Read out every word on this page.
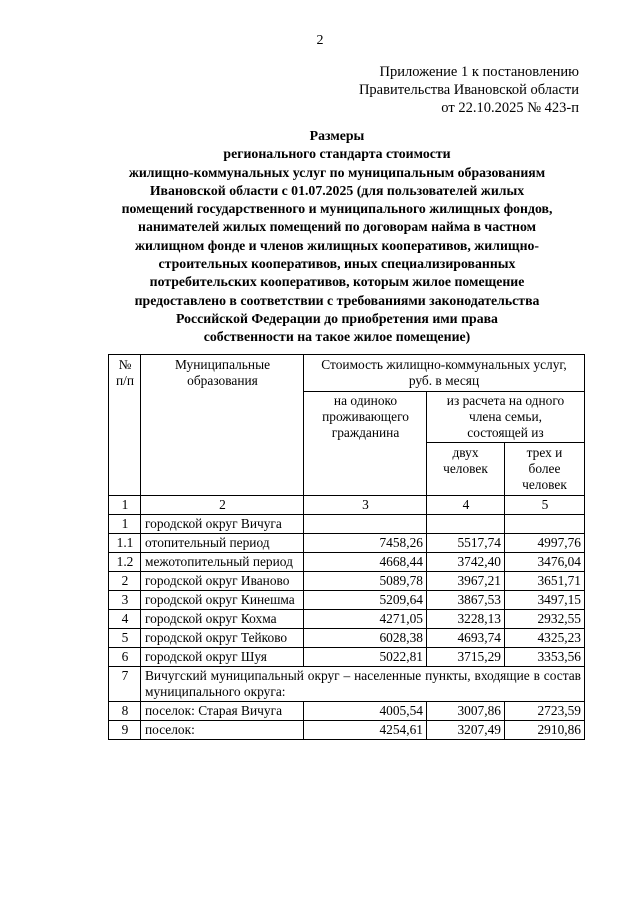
2
Приложение 1 к постановлению
Правительства Ивановской области
от 22.10.2025 № 423-п
Размеры
регионального стандарта стоимости
жилищно-коммунальных услуг по муниципальным образованиям
Ивановской области с 01.07.2025 (для пользователей жилых
помещений государственного и муниципального жилищных фондов,
нанимателей жилых помещений по договорам найма в частном
жилищном фонде и членов жилищных кооперативов, жилищно-
строительных кооперативов, иных специализированных
потребительских кооперативов, которым жилое помещение
предоставлено в соответствии с требованиями законодательства
Российской Федерации до приобретения ими права
собственности на такое жилое помещение)
№ п/п	Муниципальные образования	Стоимость жилищно-коммунальных услуг, руб. в месяц		
		на одиноко проживающего гражданина	из расчета на одного члена семьи, состоящей из	
			двух человек	трех и более человек
1	2	3	4	5
1	городской округ Вичуга			
1.1	отопительный период	7458,26	5517,74	4997,76
1.2	межотопительный период	4668,44	3742,40	3476,04
2	городской округ Иваново	5089,78	3967,21	3651,71
3	городской округ Кинешма	5209,64	3867,53	3497,15
4	городской округ Кохма	4271,05	3228,13	2932,55
5	городской округ Тейково	6028,38	4693,74	4325,23
6	городской округ Шуя	5022,81	3715,29	3353,56
7	Вичугский муниципальный округ – населенные пункты, входящие в состав муниципального округа:			
8	поселок: Старая Вичуга	4005,54	3007,86	2723,59
9	поселок:	4254,61	3207,49	2910,86
